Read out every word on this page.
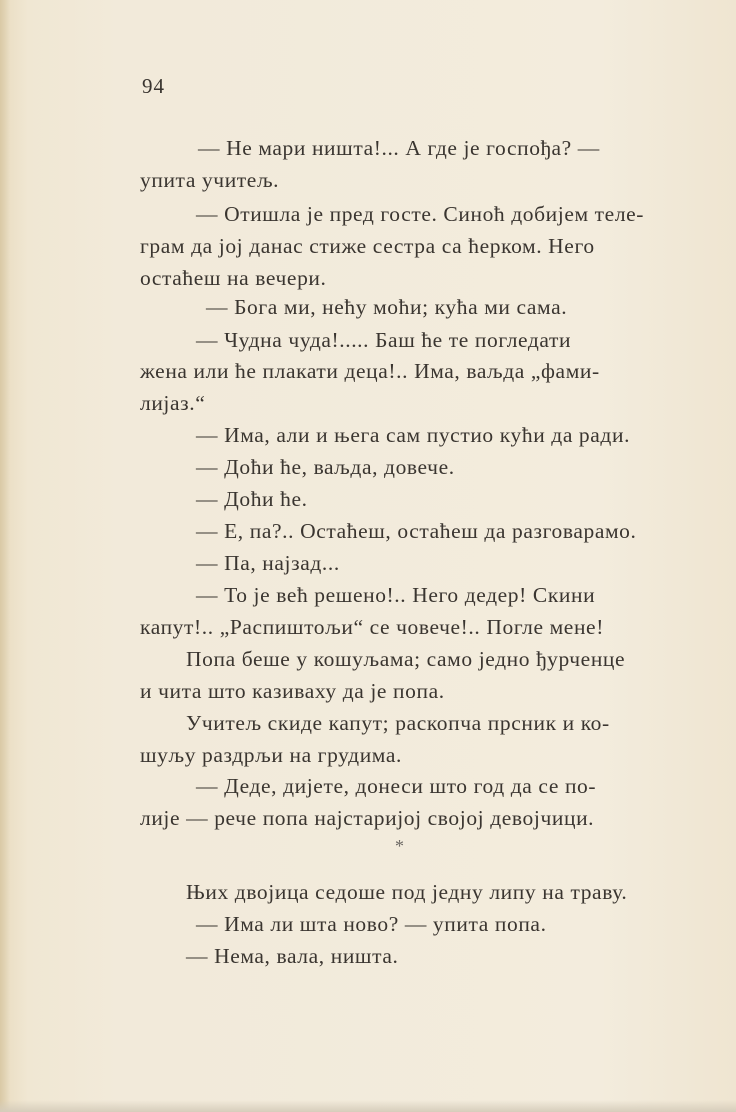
94
— Не мари ништа!... А где је госпођа? —
упита учитељ.
— Отишла је пред госте. Синоћ добијем теле-
грам да јој данас стиже сестра са ћерком. Него
остаћеш на вечери.
— Бога ми, нећу моћи; кућа ми сама.
— Чудна чуда!..... Баш ће те погледати
жена или ће плакати деца!.. Има, ваљда „фами-
лијаз.“
— Има, али и њега сам пустио кући да ради.
— Доћи ће, ваљда, довече.
— Доћи ће.
— Е, па?.. Остаћеш, остаћеш да разговарамо.
— Па, најзад...
— То је већ решено!.. Него дедер! Скини
капут!.. „Распиштољи“ се човече!.. Погле мене!
Попа беше у кошуљама; само једно ђурченце
и чита што казиваху да је попа.
Учитељ скиде капут; раскопча прсник и ко-
шуљу раздрљи на грудима.
— Деде, дијете, донеси што год да се по-
лије — рече попа најстаријој својој девојчици.
*
Њих двојица седоше под једну липу на траву.
— Има ли шта ново? — упита попа.
— Нема, вала, ништа.
